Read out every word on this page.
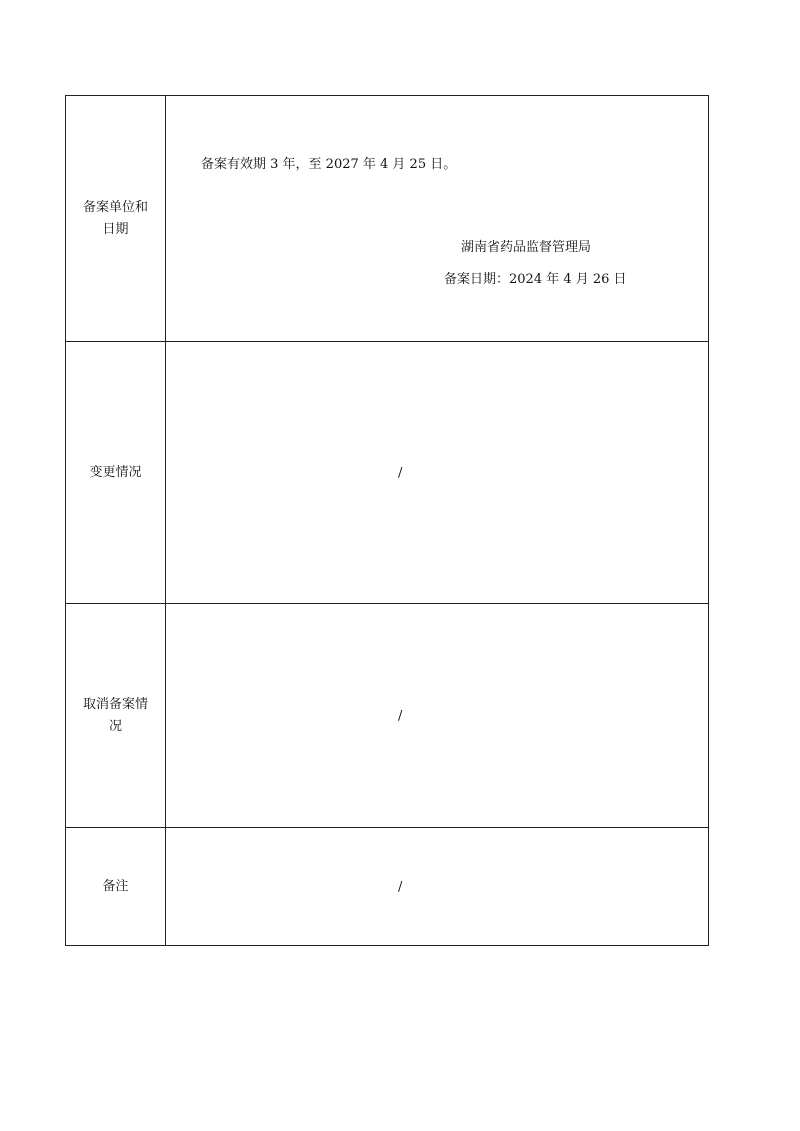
备案单位和日期	备案有效期 3 年，至 2027 年 4 月 25 日。
湖南省药品监督管理局
备案日期：2024 年 4 月 26 日

变更情况	/

取消备案情况	/

备注	/
